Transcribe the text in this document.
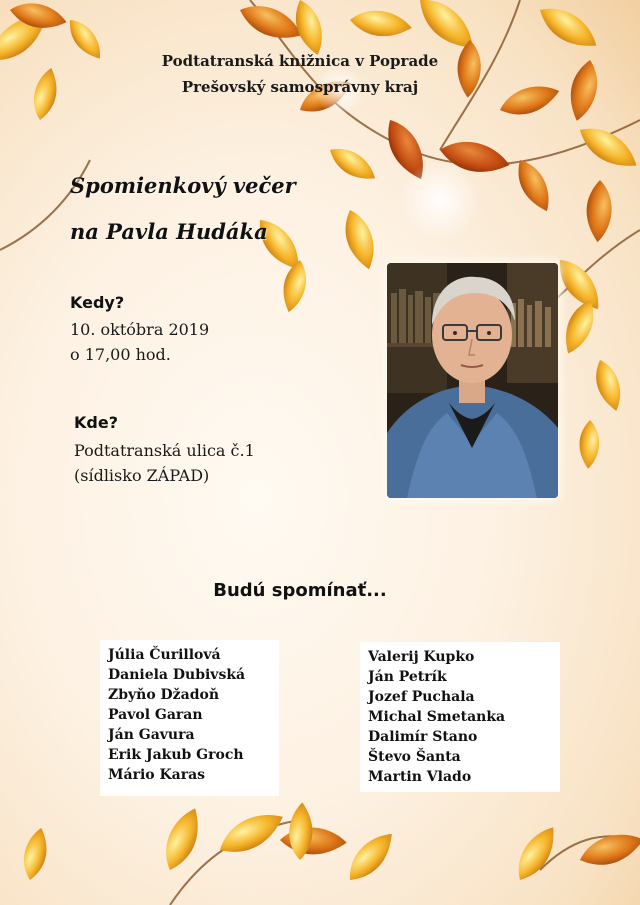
Podtatranská knižnica v Poprade
Prešovský samosprávny kraj
Spomienkový večer
na Pavla Hudáka
Kedy?
10. októbra 2019
o 17,00 hod.
Kde?
Podtatranská ulica č.1
(sídlisko ZÁPAD)
Budú spomínať...
Júlia Čurillová
Daniela Dubivská
Zbyňo Džadoň
Pavol Garan
Ján Gavura
Erik Jakub Groch
Mário Karas
Valerij Kupko
Ján Petrík
Jozef Puchala
Michal Smetanka
Dalimír Stano
Števo Šanta
Martin Vlado
